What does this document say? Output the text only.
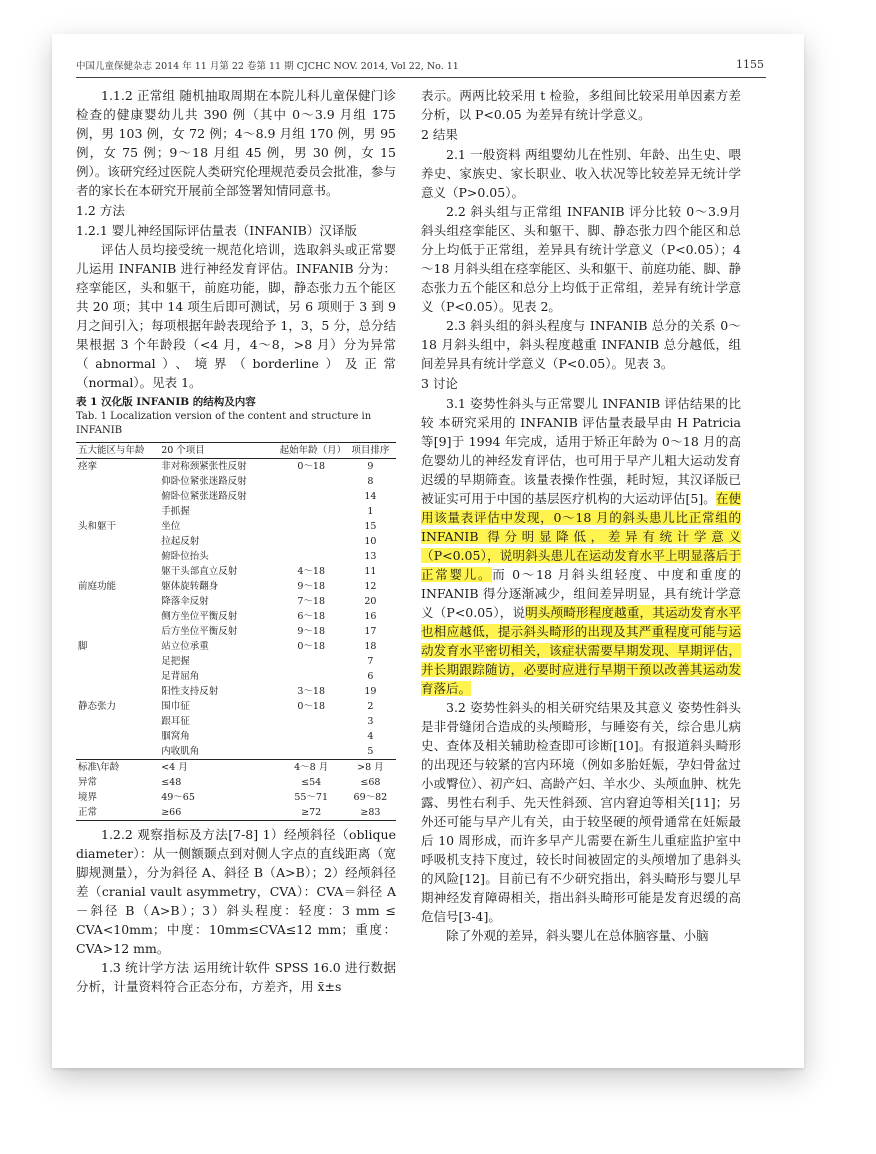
中国儿童保健杂志 2014 年 11 月第 22 卷第 11 期 CJCHC NOV. 2014, Vol 22, No. 11	1155

1.1.2 正常组 随机抽取周期在本院儿科儿童保健门诊检查的健康婴幼儿共 390 例（其中 0～3.9 月组 175 例，男 103 例，女 72 例；4～8.9 月组 170 例，男 95 例，女 75 例；9～18 月组 45 例，男 30 例，女 15 例）。该研究经过医院人类研究伦理规范委员会批准，参与者的家长在本研究开展前全部签署知情同意书。

1.2 方法

1.2.1 婴儿神经国际评估量表（INFANIB）汉译版

评估人员均接受统一规范化培训，选取斜头或正常婴儿运用 INFANIB 进行神经发育评估。INFANIB 分为：痉挛能区，头和躯干，前庭功能，脚，静态张力五个能区共 20 项；其中 14 项生后即可测试，另 6 项则于 3 到 9 月之间引入；每项根据年龄表现给予 1，3，5 分，总分结果根据 3 个年龄段（<4 月，4～8，>8 月）分为异常（abnormal）、境界（borderline）及正常（normal）。见表 1。

表 1 汉化版 INFANIB 的结构及内容
Tab. 1 Localization version of the content and structure in INFANIB
五大能区与年龄	20 个项目	起始年龄（月）	项目排序
痉挛	非对称颈紧张性反射	0～18	9
	仰卧位紧张迷路反射		8
	俯卧位紧张迷路反射		14
	手抓握		1
头和躯干	坐位		15
	拉起反射		10
	俯卧位抬头		13
	躯干头部直立反射	4～18	11
前庭功能	躯体旋转翻身	9～18	12
	降落伞反射	7～18	20
	侧方坐位平衡反射	6～18	16
	后方坐位平衡反射	9～18	17
脚	站立位承重	0～18	18
	足把握		7
	足背屈角		6
	阳性支持反射	3～18	19
静态张力	围巾征	0～18	2
	跟耳征		3
	腘窝角		4
	内收肌角		5
标准\年龄	<4 月	4～8 月	>8 月
异常	≤48	≤54	≤68
境界	49～65	55～71	69～82
正常	≥66	≥72	≥83

1.2.2 观察指标及方法[7-8] 1）经颅斜径（oblique diameter）：从一侧额颞点到对侧人字点的直线距离（宽脚规测量），分为斜径 A、斜径 B（A>B）；2）经颅斜径差（cranial vault asymmetry，CVA）：CVA＝斜径 A－斜径 B（A>B）；3）斜头程度：轻度：3 mm ≤ CVA<10mm；中度：10mm≤CVA≤12 mm；重度：CVA>12 mm。

1.3 统计学方法 运用统计软件 SPSS 16.0 进行数据分析，计量资料符合正态分布，方差齐，用 x̄±s

表示。两两比较采用 t 检验，多组间比较采用单因素方差分析，以 P<0.05 为差异有统计学意义。

2 结果

2.1 一般资料 两组婴幼儿在性别、年龄、出生史、喂养史、家族史、家长职业、收入状况等比较差异无统计学意义（P>0.05）。

2.2 斜头组与正常组 INFANIB 评分比较 0～3.9月斜头组痉挛能区、头和躯干、脚、静态张力四个能区和总分上均低于正常组，差异具有统计学意义（P<0.05）；4～18 月斜头组在痉挛能区、头和躯干、前庭功能、脚、静态张力五个能区和总分上均低于正常组，差异有统计学意义（P<0.05）。见表 2。

2.3 斜头组的斜头程度与 INFANIB 总分的关系 0～18 月斜头组中，斜头程度越重 INFANIB 总分越低，组间差异具有统计学意义（P<0.05）。见表 3。

3 讨论

3.1 姿势性斜头与正常婴儿 INFANIB 评估结果的比较 本研究采用的 INFANIB 评估量表最早由 H Patricia 等[9]于 1994 年完成，适用于矫正年龄为 0～18 月的高危婴幼儿的神经发育评估，也可用于早产儿粗大运动发育迟缓的早期筛查。该量表操作性强，耗时短，其汉译版已被证实可用于中国的基层医疗机构的大运动评估[5]。在使用该量表评估中发现，0～18 月的斜头患儿比正常组的 INFANIB 得分明显降低，差异有统计学意义（P<0.05），说明斜头患儿在运动发育水平上明显落后于正常婴儿。而 0～18 月斜头组轻度、中度和重度的 INFANIB 得分逐渐减少，组间差异明显，具有统计学意义（P<0.05），说明头颅畸形程度越重，其运动发育水平也相应越低，提示斜头畸形的出现及其严重程度可能与运动发育水平密切相关，该症状需要早期发现、早期评估，并长期跟踪随访，必要时应进行早期干预以改善其运动发育落后。

3.2 姿势性斜头的相关研究结果及其意义 姿势性斜头是非骨缝闭合造成的头颅畸形，与睡姿有关，综合患儿病史、查体及相关辅助检查即可诊断[10]。有报道斜头畸形的出现还与较紧的宫内环境（例如多胎妊娠，孕妇骨盆过小或臀位）、初产妇、高龄产妇、羊水少、头颅血肿、枕先露、男性右利手、先天性斜颈、宫内窘迫等相关[11]；另外还可能与早产儿有关，由于较坚硬的颅骨通常在妊娠最后 10 周形成，而许多早产儿需要在新生儿重症监护室中呼吸机支持下度过，较长时间被固定的头颅增加了患斜头的风险[12]。目前已有不少研究指出，斜头畸形与婴儿早期神经发育障碍相关，指出斜头畸形可能是发育迟缓的高危信号[3-4]。

除了外观的差异，斜头婴儿在总体脑容量、小脑
